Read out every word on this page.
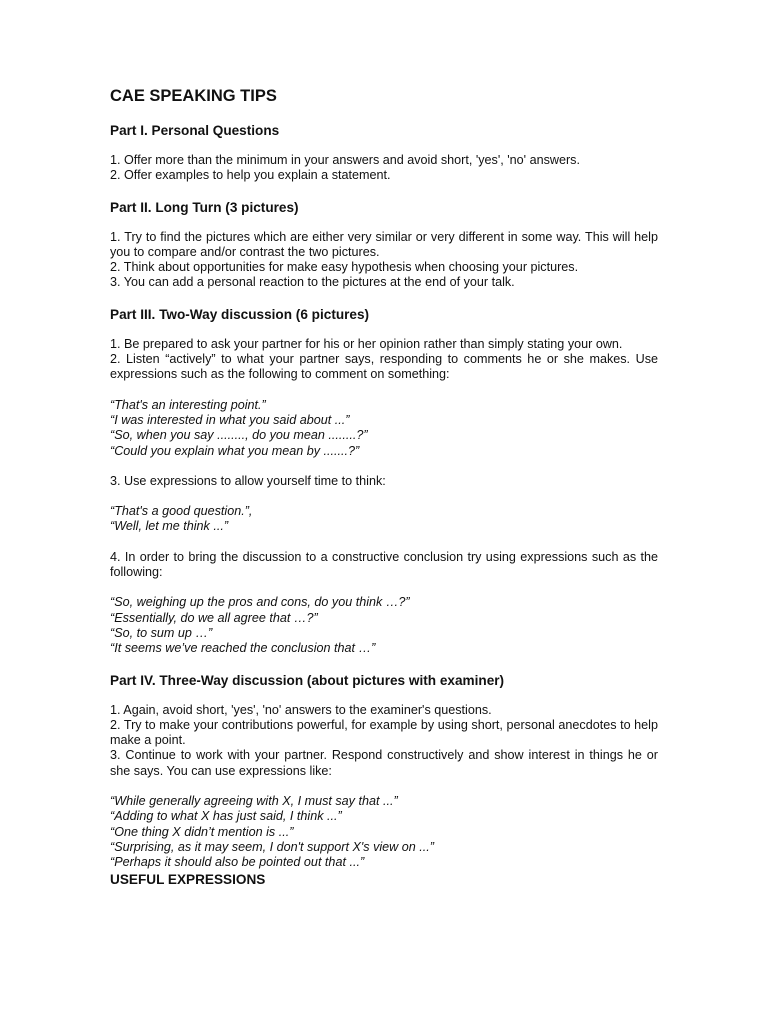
CAE SPEAKING TIPS
Part I. Personal Questions

1. Offer more than the minimum in your answers and avoid short, 'yes', 'no' answers.

2. Offer examples to help you explain a statement.

Part II. Long Turn (3 pictures)

1. Try to find the pictures which are either very similar or very different in some way. This will help you to compare and/or contrast the two pictures.

2. Think about opportunities for make easy hypothesis when choosing your pictures.

3. You can add a personal reaction to the pictures at the end of your talk.

Part III. Two-Way discussion (6 pictures)

1. Be prepared to ask your partner for his or her opinion rather than simply stating your own.

2. Listen “actively” to what your partner says, responding to comments he or she makes. Use expressions such as the following to comment on something:

“That's an interesting point.”

“I was interested in what you said about ...”

“So, when you say ........, do you mean ........?”

“Could you explain what you mean by .......?”

3. Use expressions to allow yourself time to think:

“That's a good question.”,

“Well, let me think ...”

4. In order to bring the discussion to a constructive conclusion try using expressions such as the following:

“So, weighing up the pros and cons, do you think …?”

“Essentially, do we all agree that …?”

“So, to sum up …”

“It seems we’ve reached the conclusion that …”

Part IV. Three-Way discussion (about pictures with examiner)

1. Again, avoid short, 'yes', 'no' answers to the examiner's questions.

2. Try to make your contributions powerful, for example by using short, personal anecdotes to help make a point.

3. Continue to work with your partner. Respond constructively and show interest in things he or she says. You can use expressions like:

“While generally agreeing with X, I must say that ...”

“Adding to what X has just said, I think ...”

“One thing X didn’t mention is ...”

“Surprising, as it may seem, I don't support X's view on ...”

“Perhaps it should also be pointed out that ...”

USEFUL EXPRESSIONS
